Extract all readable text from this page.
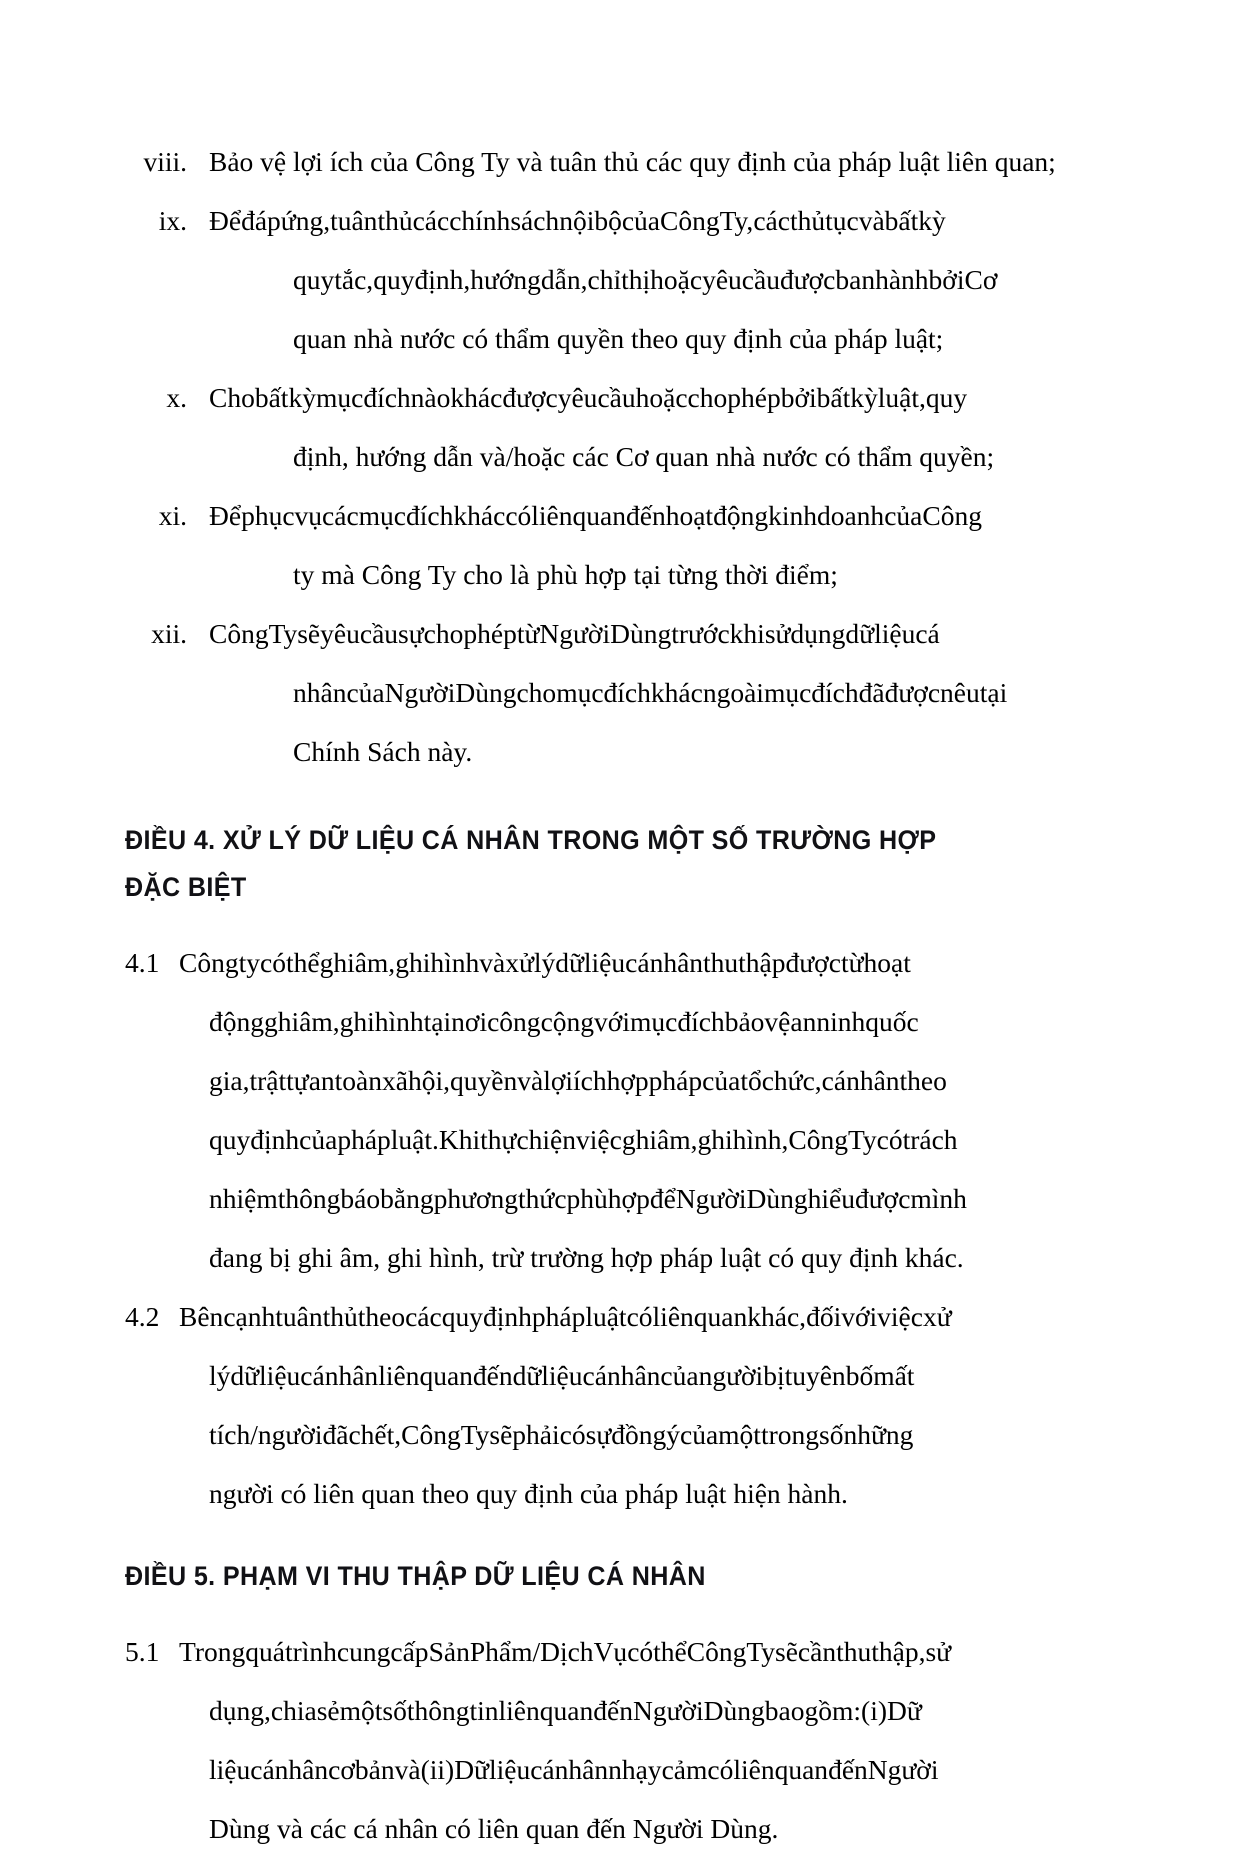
viii. Bảo vệ lợi ích của Công Ty và tuân thủ các quy định của pháp luật liên quan;
ix. Đểđápứng,tuânthủcácchínhsáchnộibộcủaCôngTy,cácthủtụcvàbấtkỳ
quytắc,quyđịnh,hướngdẫn,chỉthịhoặcyêucầuđượcbanhànhbởiCơ
quan nhà nước có thẩm quyền theo quy định của pháp luật;
x. Chobấtkỳmụcđíchnàokhácđượcyêucầuhoặcchophépbởibấtkỳluật,quy
định, hướng dẫn và/hoặc các Cơ quan nhà nước có thẩm quyền;
xi. ĐểphụcvụcácmụcđíchkháccóliênquanđếnhoạtđộngkinhdoanhcủaCông
ty mà Công Ty cho là phù hợp tại từng thời điểm;
xii. CôngTysẽyêucầusựchophéptừNgườiDùngtrướckhisửdụngdữliệucá
nhâncủaNgườiDùngchomụcđíchkhácngoàimụcđíchđãđượcnêutại
Chính Sách này.
ĐIỀU 4. XỬ LÝ DỮ LIỆU CÁ NHÂN TRONG MỘT SỐ TRƯỜNG HỢP
ĐẶC BIỆT
4.1 Côngtycóthểghiâm,ghihìnhvàxửlýdữliệucánhânthuthậpđượctừhoạt
độngghiâm,ghihìnhtạinơicôngcộngvớimụcđíchbảovệanninhquốc
gia,trậttựantoànxãhội,quyềnvàlợiíchhợpphápcủatổchức,cánhântheo
quyđịnhcủaphápluật.Khithựchiệnviệcghiâm,ghihình,CôngTycótrách
nhiệmthôngbáobằngphươngthứcphùhợpđểNgườiDùnghiểuđượcmình
đang bị ghi âm, ghi hình, trừ trường hợp pháp luật có quy định khác.
4.2 Bêncạnhtuânthủtheocácquyđịnhphápluậtcóliênquankhác,đốivớiviệcxử
lýdữliệucánhânliênquanđếndữliệucánhâncủangườibịtuyênbốmất
tích/ngườiđãchết,CôngTysẽphảicósựđồngýcủamộttrongsốnhững
người có liên quan theo quy định của pháp luật hiện hành.
ĐIỀU 5. PHẠM VI THU THẬP DỮ LIỆU CÁ NHÂN
5.1 TrongquátrìnhcungcấpSảnPhẩm/DịchVụcóthểCôngTysẽcầnthuthập,sử
dụng,chiasẻmộtsốthôngtinliênquanđếnNgườiDùngbaogồm:(i)Dữ
liệucánhâncơbảnvà(ii)DữliệucánhânnhạycảmcóliênquanđếnNgười
Dùng và các cá nhân có liên quan đến Người Dùng.
